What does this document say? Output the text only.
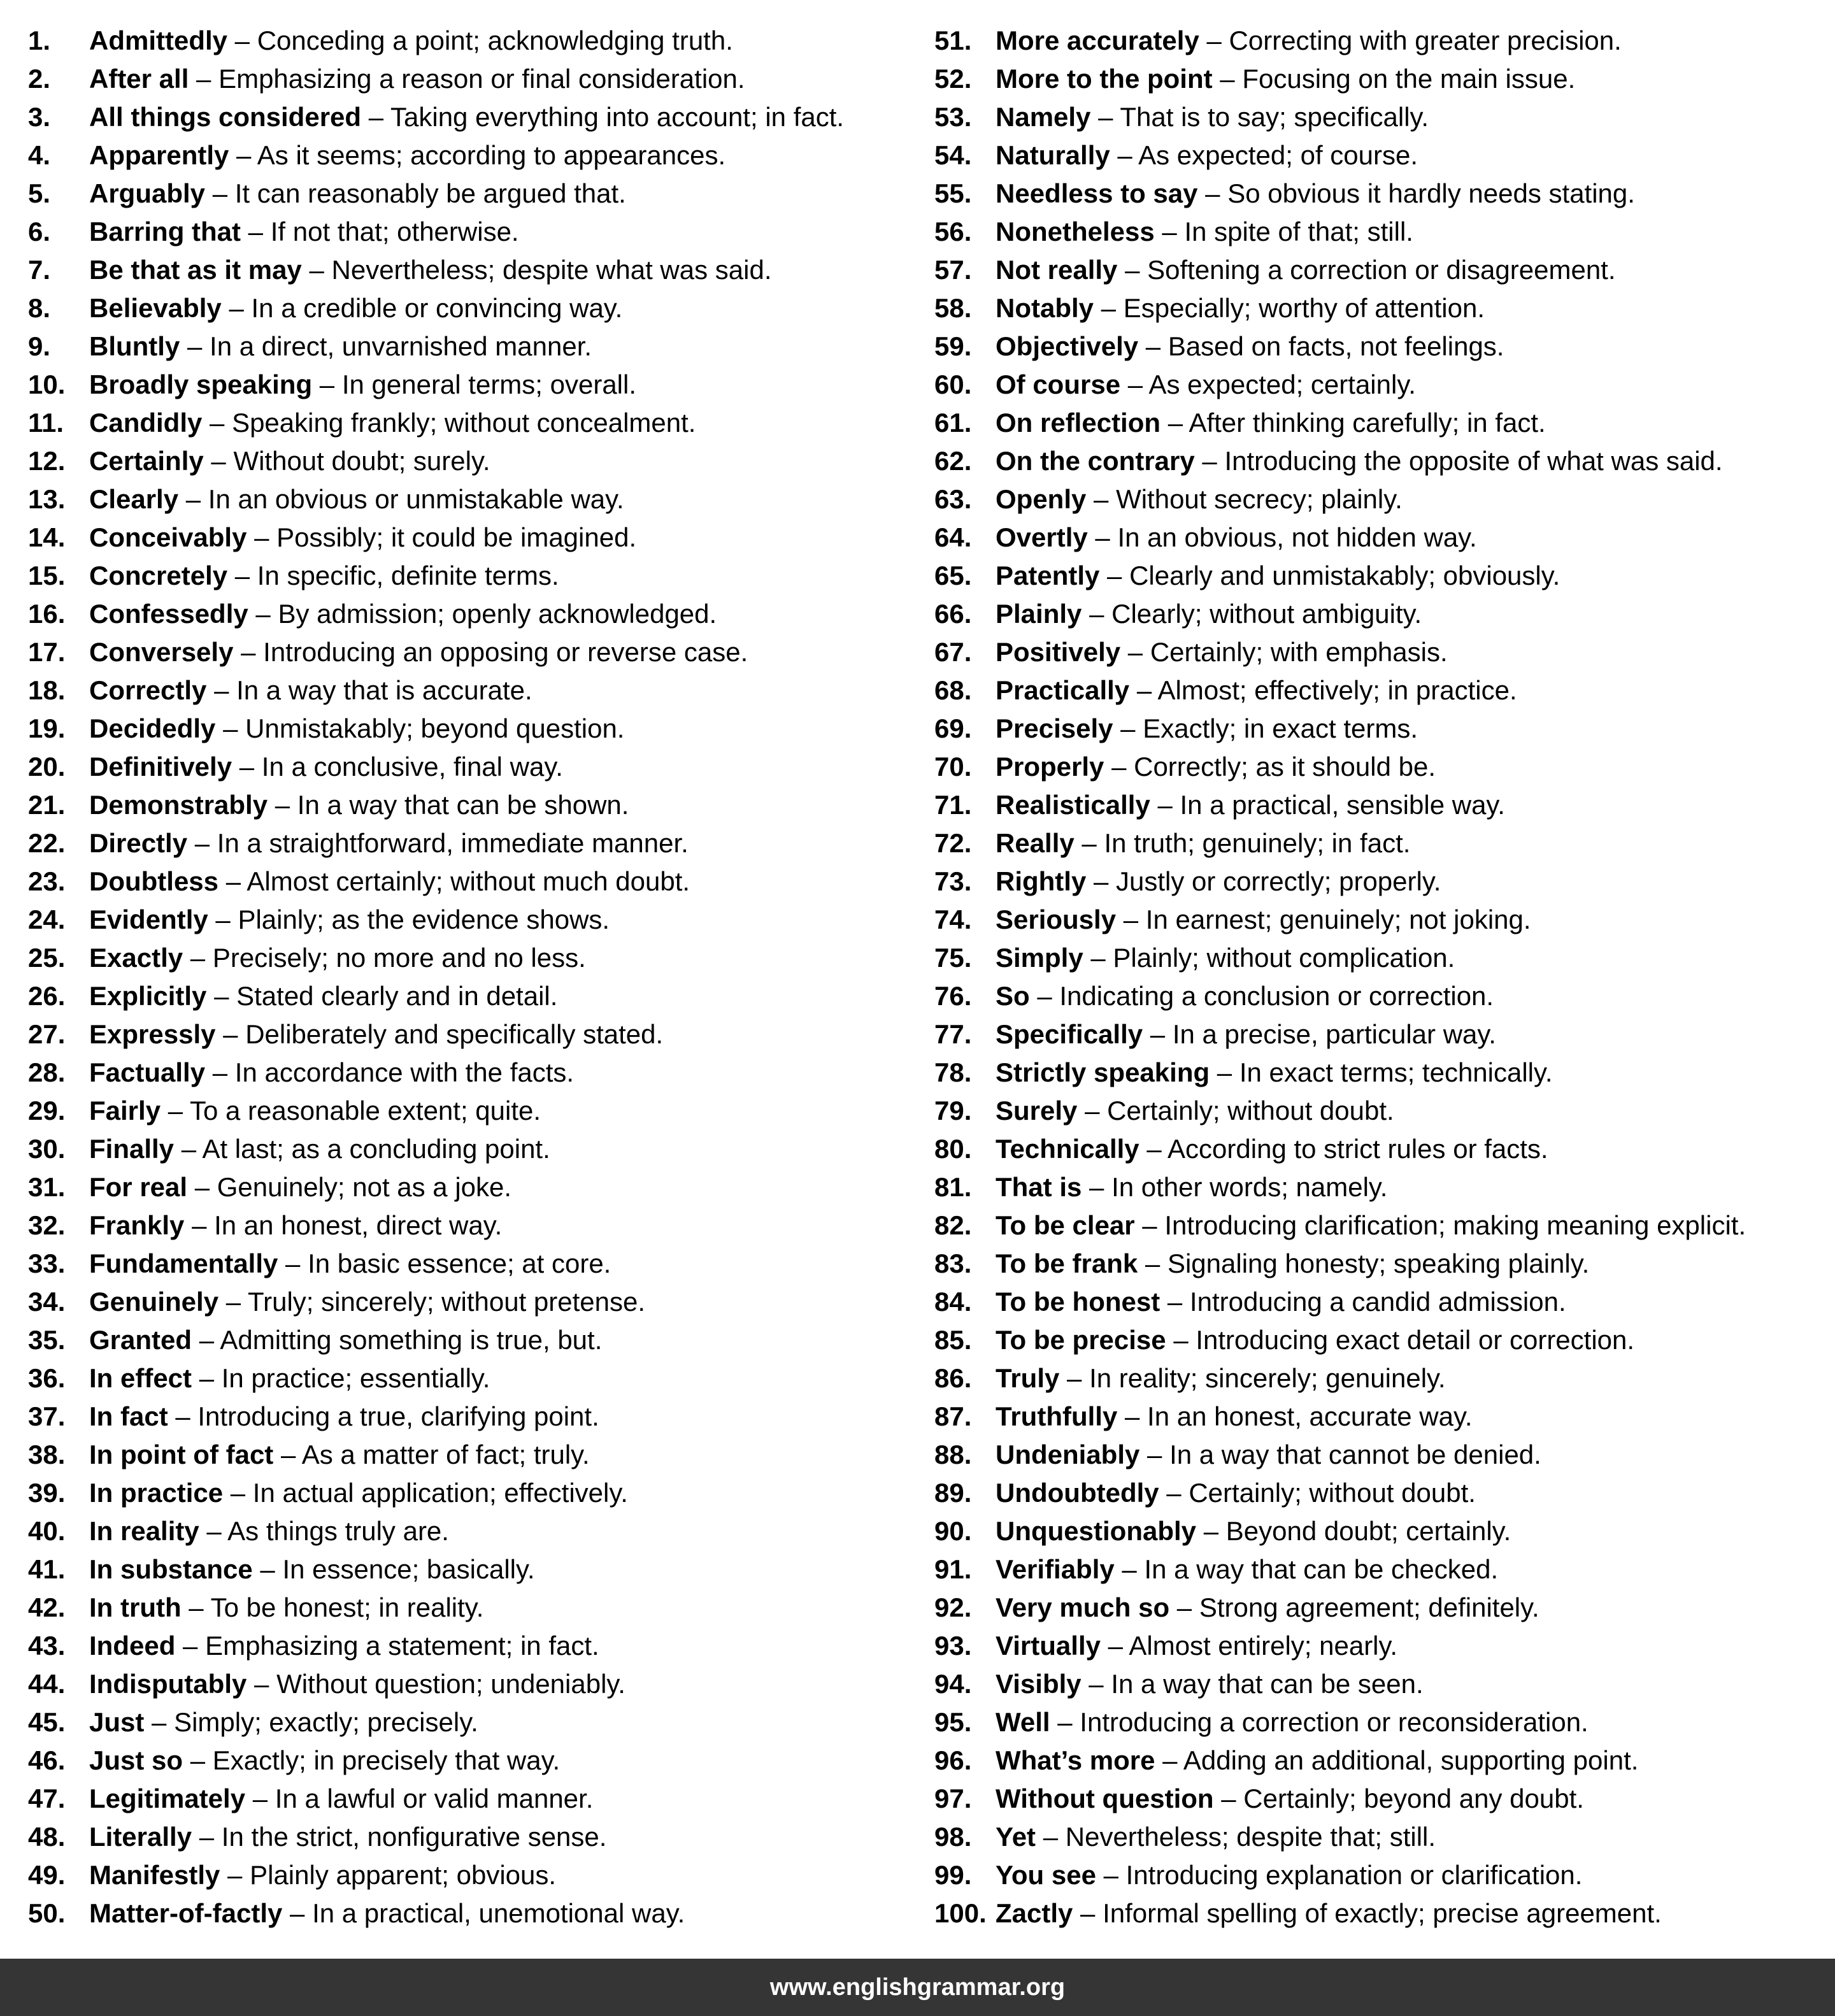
1. Admittedly – Conceding a point; acknowledging truth.
2. After all – Emphasizing a reason or final consideration.
3. All things considered – Taking everything into account; in fact.
4. Apparently – As it seems; according to appearances.
5. Arguably – It can reasonably be argued that.
6. Barring that – If not that; otherwise.
7. Be that as it may – Nevertheless; despite what was said.
8. Believably – In a credible or convincing way.
9. Bluntly – In a direct, unvarnished manner.
10. Broadly speaking – In general terms; overall.
11. Candidly – Speaking frankly; without concealment.
12. Certainly – Without doubt; surely.
13. Clearly – In an obvious or unmistakable way.
14. Conceivably – Possibly; it could be imagined.
15. Concretely – In specific, definite terms.
16. Confessedly – By admission; openly acknowledged.
17. Conversely – Introducing an opposing or reverse case.
18. Correctly – In a way that is accurate.
19. Decidedly – Unmistakably; beyond question.
20. Definitively – In a conclusive, final way.
21. Demonstrably – In a way that can be shown.
22. Directly – In a straightforward, immediate manner.
23. Doubtless – Almost certainly; without much doubt.
24. Evidently – Plainly; as the evidence shows.
25. Exactly – Precisely; no more and no less.
26. Explicitly – Stated clearly and in detail.
27. Expressly – Deliberately and specifically stated.
28. Factually – In accordance with the facts.
29. Fairly – To a reasonable extent; quite.
30. Finally – At last; as a concluding point.
31. For real – Genuinely; not as a joke.
32. Frankly – In an honest, direct way.
33. Fundamentally – In basic essence; at core.
34. Genuinely – Truly; sincerely; without pretense.
35. Granted – Admitting something is true, but.
36. In effect – In practice; essentially.
37. In fact – Introducing a true, clarifying point.
38. In point of fact – As a matter of fact; truly.
39. In practice – In actual application; effectively.
40. In reality – As things truly are.
41. In substance – In essence; basically.
42. In truth – To be honest; in reality.
43. Indeed – Emphasizing a statement; in fact.
44. Indisputably – Without question; undeniably.
45. Just – Simply; exactly; precisely.
46. Just so – Exactly; in precisely that way.
47. Legitimately – In a lawful or valid manner.
48. Literally – In the strict, nonfigurative sense.
49. Manifestly – Plainly apparent; obvious.
50. Matter-of-factly – In a practical, unemotional way.
51. More accurately – Correcting with greater precision.
52. More to the point – Focusing on the main issue.
53. Namely – That is to say; specifically.
54. Naturally – As expected; of course.
55. Needless to say – So obvious it hardly needs stating.
56. Nonetheless – In spite of that; still.
57. Not really – Softening a correction or disagreement.
58. Notably – Especially; worthy of attention.
59. Objectively – Based on facts, not feelings.
60. Of course – As expected; certainly.
61. On reflection – After thinking carefully; in fact.
62. On the contrary – Introducing the opposite of what was said.
63. Openly – Without secrecy; plainly.
64. Overtly – In an obvious, not hidden way.
65. Patently – Clearly and unmistakably; obviously.
66. Plainly – Clearly; without ambiguity.
67. Positively – Certainly; with emphasis.
68. Practically – Almost; effectively; in practice.
69. Precisely – Exactly; in exact terms.
70. Properly – Correctly; as it should be.
71. Realistically – In a practical, sensible way.
72. Really – In truth; genuinely; in fact.
73. Rightly – Justly or correctly; properly.
74. Seriously – In earnest; genuinely; not joking.
75. Simply – Plainly; without complication.
76. So – Indicating a conclusion or correction.
77. Specifically – In a precise, particular way.
78. Strictly speaking – In exact terms; technically.
79. Surely – Certainly; without doubt.
80. Technically – According to strict rules or facts.
81. That is – In other words; namely.
82. To be clear – Introducing clarification; making meaning explicit.
83. To be frank – Signaling honesty; speaking plainly.
84. To be honest – Introducing a candid admission.
85. To be precise – Introducing exact detail or correction.
86. Truly – In reality; sincerely; genuinely.
87. Truthfully – In an honest, accurate way.
88. Undeniably – In a way that cannot be denied.
89. Undoubtedly – Certainly; without doubt.
90. Unquestionably – Beyond doubt; certainly.
91. Verifiably – In a way that can be checked.
92. Very much so – Strong agreement; definitely.
93. Virtually – Almost entirely; nearly.
94. Visibly – In a way that can be seen.
95. Well – Introducing a correction or reconsideration.
96. What’s more – Adding an additional, supporting point.
97. Without question – Certainly; beyond any doubt.
98. Yet – Nevertheless; despite that; still.
99. You see – Introducing explanation or clarification.
100. Zactly – Informal spelling of exactly; precise agreement.
www.englishgrammar.org
